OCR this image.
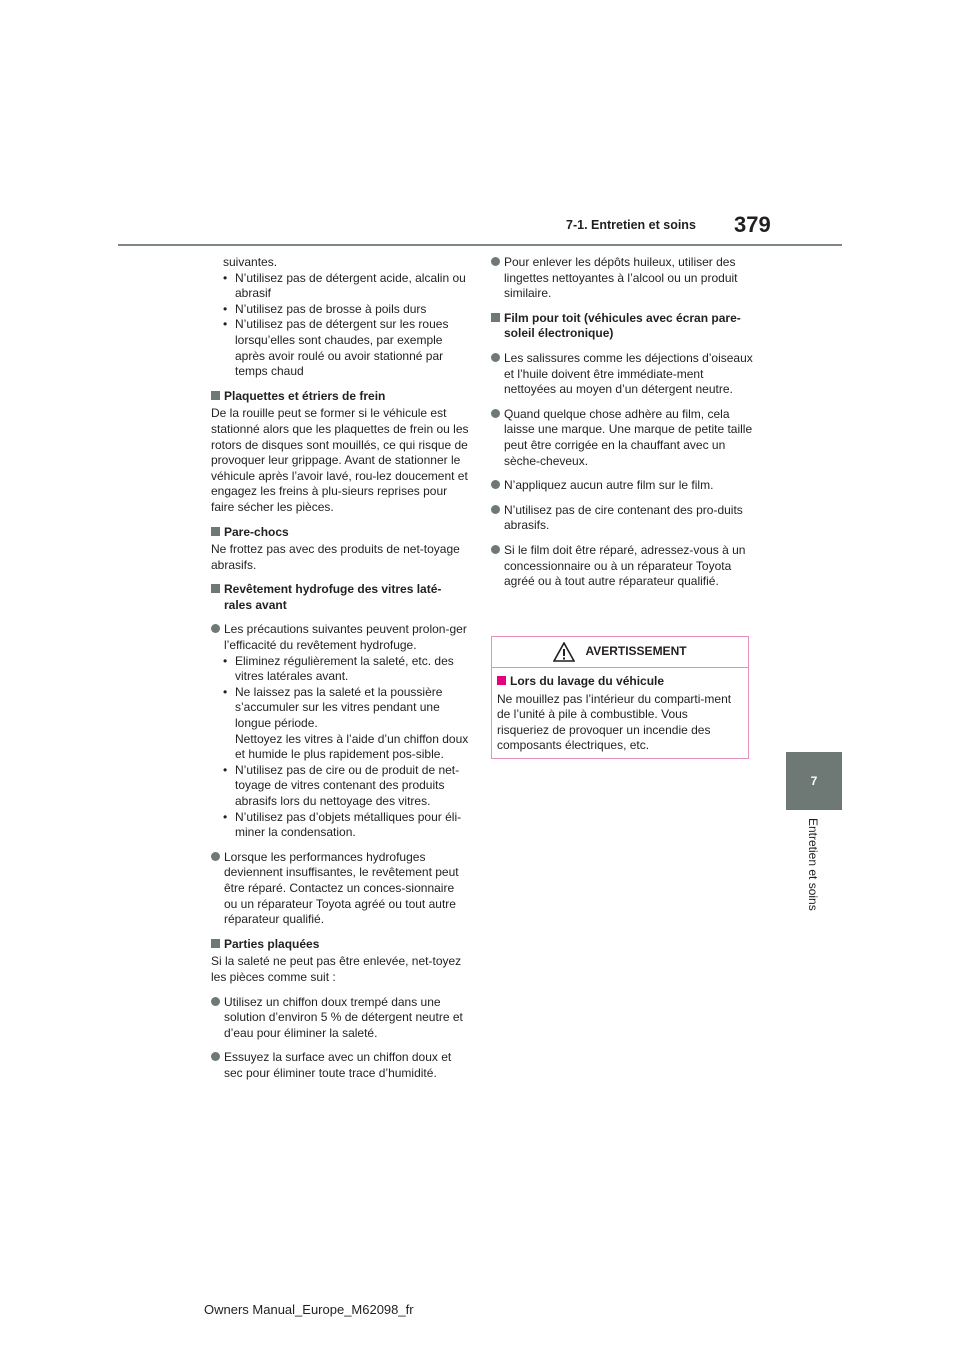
7-1. Entretien et soins 379
7
Entretien et soins

suivantes.

• N’utilisez pas de détergent acide, alcalin ou abrasif

• N’utilisez pas de brosse à poils durs

• N’utilisez pas de détergent sur les roues lorsqu’elles sont chaudes, par exemple après avoir roulé ou avoir stationné par temps chaud

Plaquettes et étriers de frein

De la rouille peut se former si le véhicule est stationné alors que les plaquettes de frein ou les rotors de disques sont mouillés, ce qui risque de provoquer leur grippage. Avant de stationner le véhicule après l’avoir lavé, rou-lez doucement et engagez les freins à plu-sieurs reprises pour faire sécher les pièces.

Pare-chocs

Ne frottez pas avec des produits de net-toyage abrasifs.

Revêtement hydrofuge des vitres laté-rales avant
Les précautions suivantes peuvent prolon-ger l’efficacité du revêtement hydrofuge.

• Eliminez régulièrement la saleté, etc. des vitres latérales avant.

• Ne laissez pas la saleté et la poussière s’accumuler sur les vitres pendant une longue période.

Nettoyez les vitres à l’aide d’un chiffon doux et humide le plus rapidement pos-sible.

• N’utilisez pas de cire ou de produit de net-toyage de vitres contenant des produits abrasifs lors du nettoyage des vitres.

• N’utilisez pas d’objets métalliques pour éli-miner la condensation.

Lorsque les performances hydrofuges deviennent insuffisantes, le revêtement peut être réparé. Contactez un conces-sionnaire ou un réparateur Toyota agréé ou tout autre réparateur qualifié.
Parties plaquées

Si la saleté ne peut pas être enlevée, net-toyez les pièces comme suit :

Utilisez un chiffon doux trempé dans une solution d’environ 5 % de détergent neutre et d’eau pour éliminer la saleté.
Essuyez la surface avec un chiffon doux et sec pour éliminer toute trace d’humidité.
Pour enlever les dépôts huileux, utiliser des lingettes nettoyantes à l’alcool ou un produit similaire.
Film pour toit (véhicules avec écran pare-soleil électronique)
Les salissures comme les déjections d’oiseaux et l’huile doivent être immédiate-ment nettoyées au moyen d’un détergent neutre.
Quand quelque chose adhère au film, cela laisse une marque. Une marque de petite taille peut être corrigée en la chauffant avec un sèche-cheveux.
N’appliquez aucun autre film sur le film.
N’utilisez pas de cire contenant des pro-duits abrasifs.
Si le film doit être réparé, adressez-vous à un concessionnaire ou à un réparateur Toyota agréé ou à tout autre réparateur qualifié.
AVERTISSEMENT
Lors du lavage du véhicule

Ne mouillez pas l’intérieur du comparti-ment de l’unité à pile à combustible. Vous risqueriez de provoquer un incendie des composants électriques, etc.

Owners Manual_Europe_M62098_fr
